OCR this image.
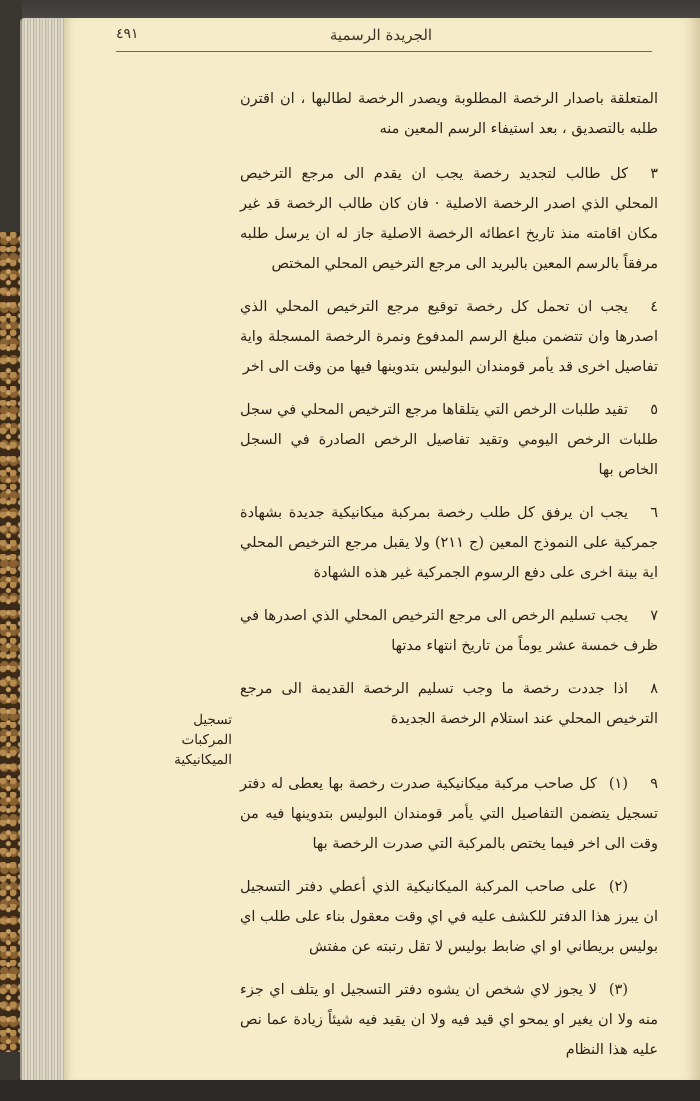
الجريدة الرسمية
٤٩١
تسجيل المركبات الميكانيكية

المتعلقة باصدار الرخصة المطلوبة ويصدر الرخصة لطالبها ، ان اقترن طلبه بالتصديق ، بعد استيفاء الرسم المعين منه

٣كل طالب لتجديد رخصة يجب ان يقدم الى مرجع الترخيص المحلي الذي اصدر الرخصة الاصلية · فان كان طالب الرخصة قد غير مكان اقامته منذ تاريخ اعطائه الرخصة الاصلية جاز له ان يرسل طلبه مرفقاً بالرسم المعين بالبريد الى مرجع الترخيص المحلي المختص

٤يجب ان تحمل كل رخصة توقيع مرجع الترخيص المحلي الذي اصدرها وان تتضمن مبلغ الرسم المدفوع ونمرة الرخصة المسجلة واية تفاصيل اخرى قد يأمر قومندان البوليس بتدوينها فيها من وقت الى اخر

٥تقيد طلبات الرخص التي يتلقاها مرجع الترخيص المحلي في سجل طلبات الرخص اليومي وتقيد تفاصيل الرخص الصادرة في السجل الخاص بها

٦يجب ان يرفق كل طلب رخصة بمركبة ميكانيكية جديدة بشهادة جمركية على النموذج المعين (ج ٢١١) ولا يقبل مرجع الترخيص المحلي اية بينة اخرى على دفع الرسوم الجمركية غير هذه الشهادة

٧يجب تسليم الرخص الى مرجع الترخيص المحلي الذي اصدرها في ظرف خمسة عشر يوماً من تاريخ انتهاء مدتها

٨اذا جددت رخصة ما وجب تسليم الرخصة القديمة الى مرجع الترخيص المحلي عند استلام الرخصة الجديدة

٩(١)كل صاحب مركبة ميكانيكية صدرت رخصة بها يعطى له دفتر تسجيل يتضمن التفاصيل التي يأمر قومندان البوليس بتدوينها فيه من وقت الى اخر فيما يختص بالمركبة التي صدرت الرخصة بها

(٢)على صاحب المركبة الميكانيكية الذي أعطي دفتر التسجيل ان يبرز هذا الدفتر للكشف عليه في اي وقت معقول بناء على طلب اي بوليس بريطاني او اي ضابط بوليس لا تقل رتبته عن مفتش

(٣)لا يجوز لاي شخص ان يشوه دفتر التسجيل او يتلف اي جزء منه ولا ان يغير او يمحو اي قيد فيه ولا ان يقيد فيه شيئاً زيادة عما نص عليه هذا النظام
